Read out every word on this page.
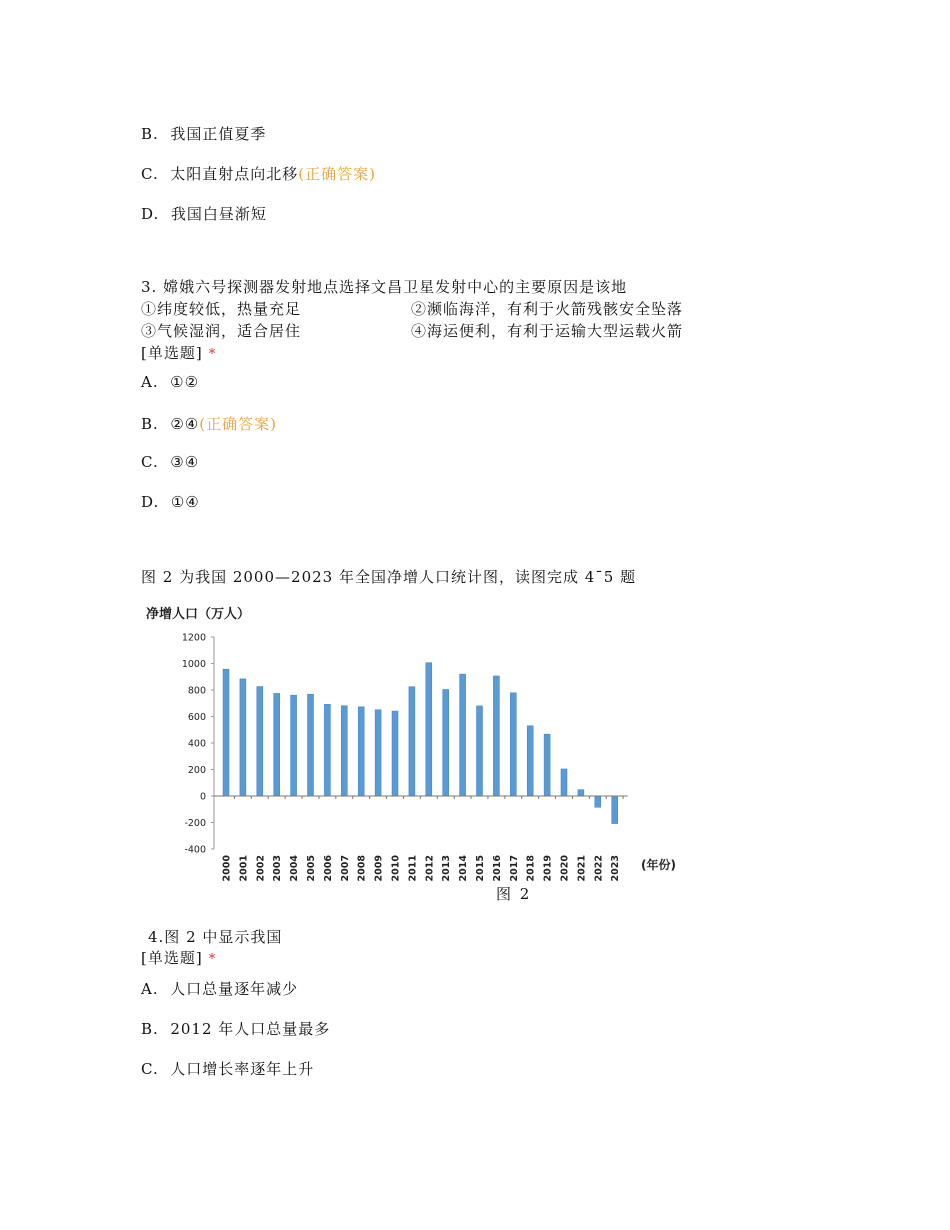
B. 我国正值夏季
C. 太阳直射点向北移(正确答案)
D. 我国白昼渐短
3. 嫦娥六号探测器发射地点选择文昌卫星发射中心的主要原因是该地
①纬度较低，热量充足	②濒临海洋，有利于火箭残骸安全坠落
③气候湿润，适合居住	④海运便利，有利于运输大型运载火箭
[单选题] *
A. ①②
B. ②④(正确答案)
C. ③④
D. ①④
图 2 为我国 2000—2023 年全国净增人口统计图，读图完成 4¯5 题
净增人口（万人）
1200
1000
800
600
400
200
0
-200
-400
2000 2001 2002 2003 2004 2005 2006 2007 2008 2009 2010 2011 2012 2013 2014 2015 2016 2017 2018 2019 2020 2021 2022 2023 (年份)
图 2
4.图 2 中显示我国
[单选题] *
A. 人口总量逐年减少
B. 2012 年人口总量最多
C. 人口增长率逐年上升
